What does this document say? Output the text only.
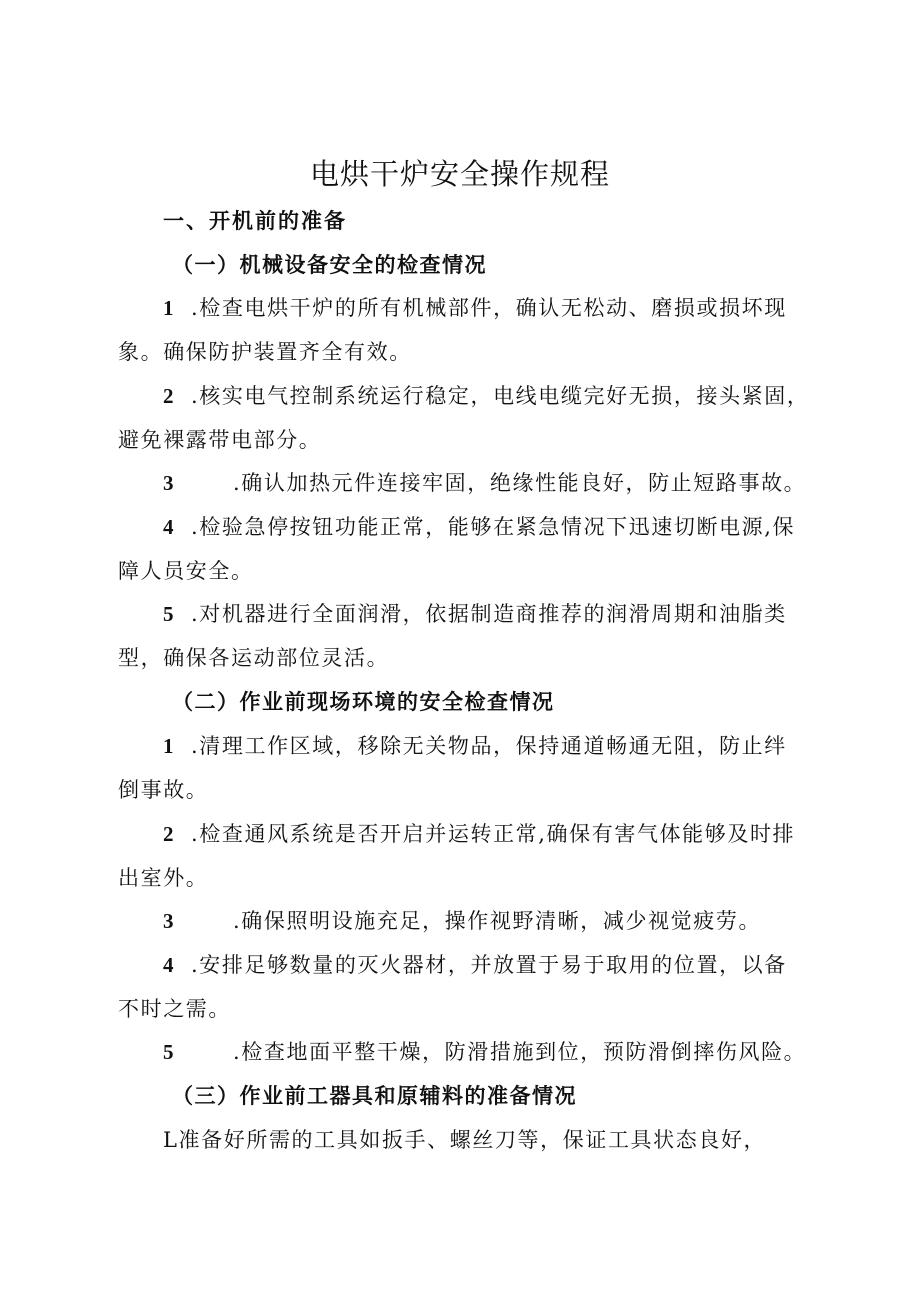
电烘干炉安全操作规程
一、开机前的准备
（一）机械设备安全的检查情况
1 .检查电烘干炉的所有机械部件，确认无松动、磨损或损坏现
象。确保防护装置齐全有效。
2 .核实电气控制系统运行稳定，电线电缆完好无损，接头紧固，
避免裸露带电部分。
3	.确认加热元件连接牢固，绝缘性能良好，防止短路事故。
4 .检验急停按钮功能正常，能够在紧急情况下迅速切断电源,保
障人员安全。
5 .对机器进行全面润滑，依据制造商推荐的润滑周期和油脂类
型，确保各运动部位灵活。
（二）作业前现场环境的安全检查情况
1 .清理工作区域，移除无关物品，保持通道畅通无阻，防止绊
倒事故。
2 .检查通风系统是否开启并运转正常,确保有害气体能够及时排
出室外。
3	.确保照明设施充足，操作视野清晰，减少视觉疲劳。
4 .安排足够数量的灭火器材，并放置于易于取用的位置，以备
不时之需。
5	.检查地面平整干燥，防滑措施到位，预防滑倒摔伤风险。
（三）作业前工器具和原辅料的准备情况
L准备好所需的工具如扳手、螺丝刀等，保证工具状态良好，
